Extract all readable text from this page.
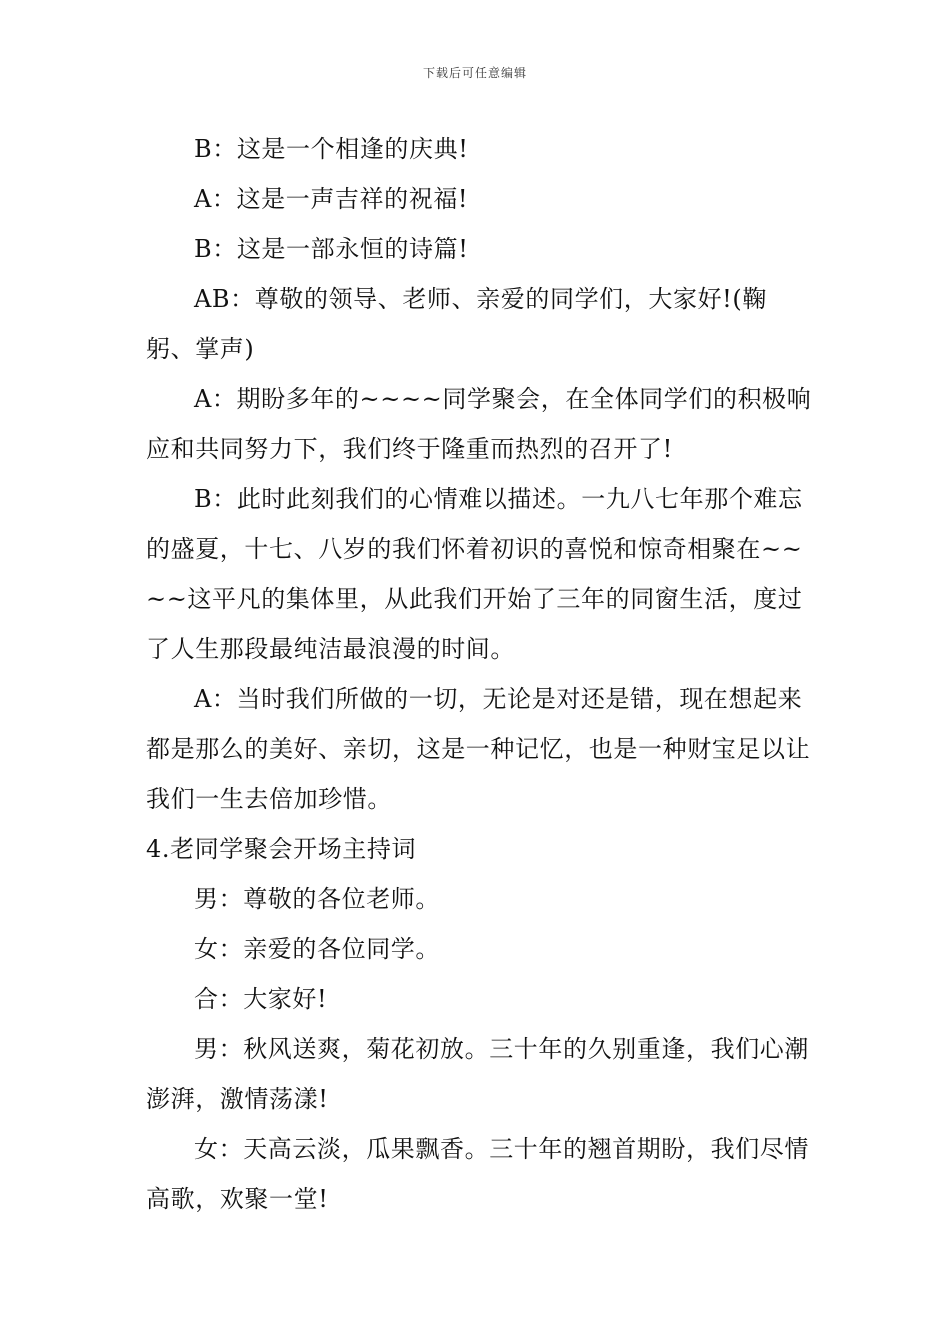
下载后可任意编辑

B：这是一个相逢的庆典!

A：这是一声吉祥的祝福!

B：这是一部永恒的诗篇!

AB：尊敬的领导、老师、亲爱的同学们，大家好!(鞠躬、掌声)

A：期盼多年的~~~~同学聚会，在全体同学们的积极响应和共同努力下，我们终于隆重而热烈的召开了!

B：此时此刻我们的心情难以描述。一九八七年那个难忘的盛夏，十七、八岁的我们怀着初识的喜悦和惊奇相聚在~~~~这平凡的集体里，从此我们开始了三年的同窗生活，度过了人生那段最纯洁最浪漫的时间。

A：当时我们所做的一切，无论是对还是错，现在想起来都是那么的美好、亲切，这是一种记忆，也是一种财宝足以让我们一生去倍加珍惜。

4.老同学聚会开场主持词

男：尊敬的各位老师。

女：亲爱的各位同学。

合：大家好!

男：秋风送爽，菊花初放。三十年的久别重逢，我们心潮澎湃，激情荡漾!

女：天高云淡，瓜果飘香。三十年的翘首期盼，我们尽情高歌，欢聚一堂!
